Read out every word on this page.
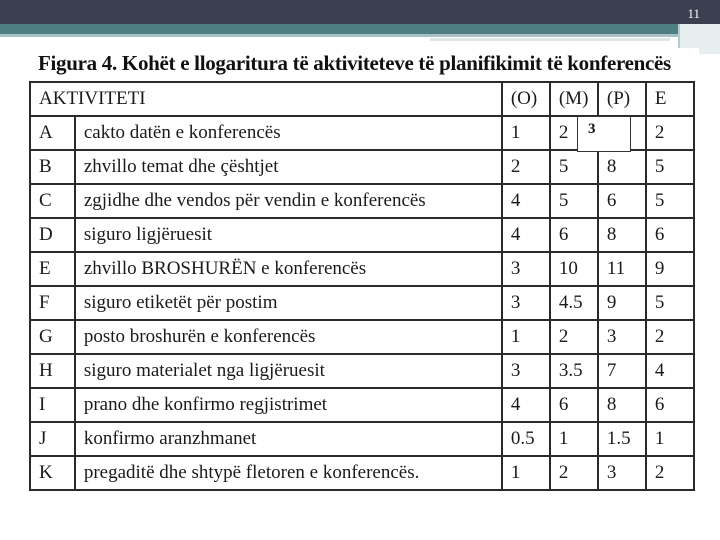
11
Figura 4. Kohët e llogaritura të aktiviteteve të planifikimit të konferencës
AKTIVITETI		(O)	(M)	(P)	E
A	cakto datën e konferencës	1	2		2
B	zhvillo temat dhe çështjet	2	5	8	5
C	zgjidhe dhe vendos për vendin e konferencës	4	5	6	5
D	siguro ligjëruesit	4	6	8	6
E	zhvillo BROSHURËN e konferencës	3	10	11	9
F	siguro etiketët për postim	3	4.5	9	5
G	posto broshurën e konferencës	1	2	3	2
H	siguro materialet nga ligjëruesit	3	3.5	7	4
I	prano dhe konfirmo regjistrimet	4	6	8	6
J	konfirmo aranzhmanet	0.5	1	1.5	1
K	pregaditë dhe shtypë fletoren e konferencës.	1	2	3	2
3
